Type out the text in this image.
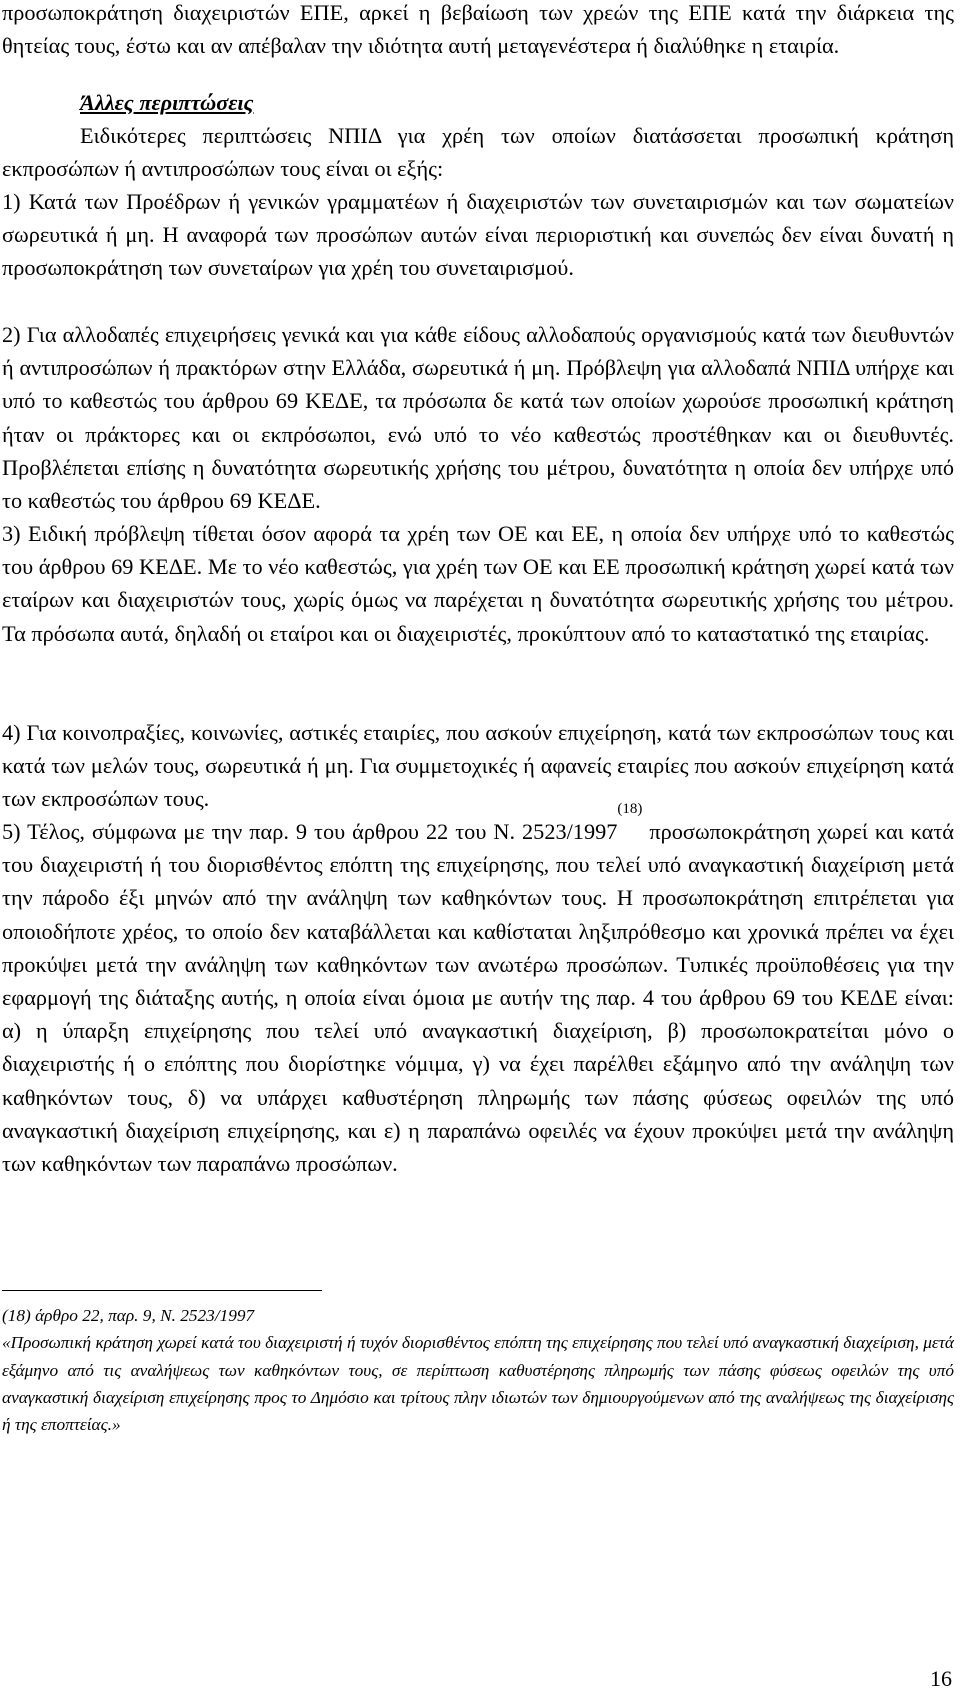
προσωποκράτηση διαχειριστών ΕΠΕ, αρκεί η βεβαίωση των χρεών της ΕΠΕ κατά την διάρκεια της θητείας τους, έστω και αν απέβαλαν την ιδιότητα αυτή μεταγενέστερα ή διαλύθηκε η εταιρία.

Άλλες περιπτώσεις

Ειδικότερες περιπτώσεις ΝΠΙΔ για χρέη των οποίων διατάσσεται προσωπική κράτηση εκπροσώπων ή αντιπροσώπων τους είναι οι εξής:

1) Κατά των Προέδρων ή γενικών γραμματέων ή διαχειριστών των συνεταιρισμών και των σωματείων σωρευτικά ή μη. Η αναφορά των προσώπων αυτών είναι περιοριστική και συνεπώς δεν είναι δυνατή η προσωποκράτηση των συνεταίρων για χρέη του συνεταιρισμού.

2) Για αλλοδαπές επιχειρήσεις γενικά και για κάθε είδους αλλοδαπούς οργανισμούς κατά των διευθυντών ή αντιπροσώπων ή πρακτόρων στην Ελλάδα, σωρευτικά ή μη. Πρόβλεψη για αλλοδαπά ΝΠΙΔ υπήρχε και υπό το καθεστώς του άρθρου 69 ΚΕΔΕ, τα πρόσωπα δε κατά των οποίων χωρούσε προσωπική κράτηση ήταν οι πράκτορες και οι εκπρόσωποι, ενώ υπό το νέο καθεστώς προστέθηκαν και οι διευθυντές. Προβλέπεται επίσης η δυνατότητα σωρευτικής χρήσης του μέτρου, δυνατότητα η οποία δεν υπήρχε υπό το καθεστώς του άρθρου 69 ΚΕΔΕ.

3) Ειδική πρόβλεψη τίθεται όσον αφορά τα χρέη των ΟΕ και ΕΕ, η οποία δεν υπήρχε υπό το καθεστώς του άρθρου 69 ΚΕΔΕ. Με το νέο καθεστώς, για χρέη των ΟΕ και ΕΕ προσωπική κράτηση χωρεί κατά των εταίρων και διαχειριστών τους, χωρίς όμως να παρέχεται η δυνατότητα σωρευτικής χρήσης του μέτρου. Τα πρόσωπα αυτά, δηλαδή οι εταίροι και οι διαχειριστές, προκύπτουν από το καταστατικό της εταιρίας.

4) Για κοινοπραξίες, κοινωνίες, αστικές εταιρίες, που ασκούν επιχείρηση, κατά των εκπροσώπων τους και κατά των μελών τους, σωρευτικά ή μη. Για συμμετοχικές ή αφανείς εταιρίες που ασκούν επιχείρηση κατά των εκπροσώπων τους.

5) Τέλος, σύμφωνα με την παρ. 9 του άρθρου 22 του Ν. 2523/1997$^{(18)}$ προσωποκράτηση χωρεί και κατά του διαχειριστή ή του διορισθέντος επόπτη της επιχείρησης, που τελεί υπό αναγκαστική διαχείριση μετά την πάροδο έξι μηνών από την ανάληψη των καθηκόντων τους. Η προσωποκράτηση επιτρέπεται για οποιοδήποτε χρέος, το οποίο δεν καταβάλλεται και καθίσταται ληξιπρόθεσμο και χρονικά πρέπει να έχει προκύψει μετά την ανάληψη των καθηκόντων των ανωτέρω προσώπων. Τυπικές προϋποθέσεις για την εφαρμογή της διάταξης αυτής, η οποία είναι όμοια με αυτήν της παρ. 4 του άρθρου 69 του ΚΕΔΕ είναι: α) η ύπαρξη επιχείρησης που τελεί υπό αναγκαστική διαχείριση, β) προσωποκρατείται μόνο ο διαχειριστής ή ο επόπτης που διορίστηκε νόμιμα, γ) να έχει παρέλθει εξάμηνο από την ανάληψη των καθηκόντων τους, δ) να υπάρχει καθυστέρηση πληρωμής των πάσης φύσεως οφειλών της υπό αναγκαστική διαχείριση επιχείρησης, και ε) η παραπάνω οφειλές να έχουν προκύψει μετά την ανάληψη των καθηκόντων των παραπάνω προσώπων.

(18) άρθρο 22, παρ. 9, Ν. 2523/1997
«Προσωπική κράτηση χωρεί κατά του διαχειριστή ή τυχόν διορισθέντος επόπτη της επιχείρησης που τελεί υπό αναγκαστική διαχείριση, μετά εξάμηνο από τις αναλήψεως των καθηκόντων τους, σε περίπτωση καθυστέρησης πληρωμής των πάσης φύσεως οφειλών της υπό αναγκαστική διαχείριση επιχείρησης προς το Δημόσιο και τρίτους πλην ιδιωτών των δημιουργούμενων από της αναλήψεως της διαχείρισης ή της εποπτείας.»

16
